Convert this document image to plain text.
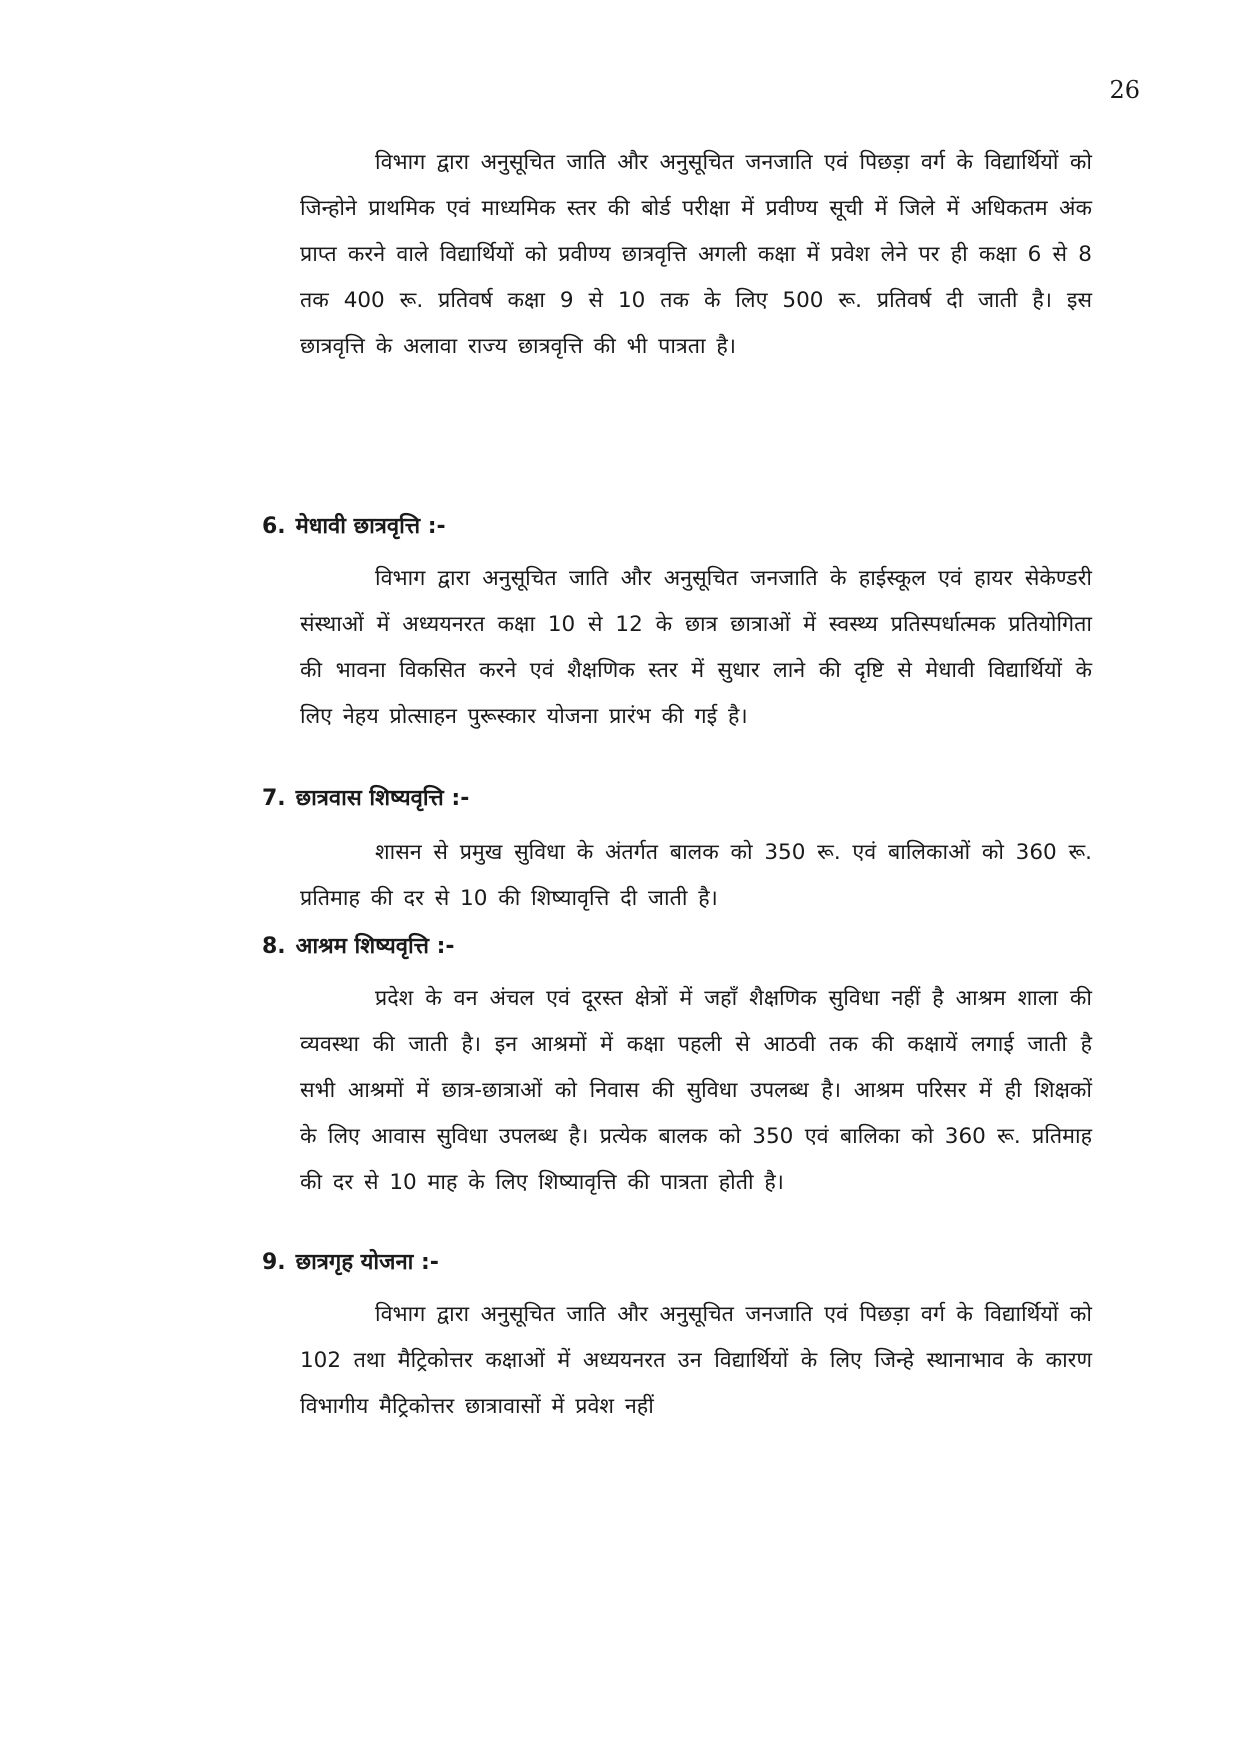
26

विभाग द्वारा अनुसूचित जाति और अनुसूचित जनजाति एवं पिछड़ा वर्ग के विद्यार्थियों को जिन्होने प्राथमिक एवं माध्यमिक स्तर की बोर्ड परीक्षा में प्रवीण्य सूची में जिले में अधिकतम अंक प्राप्त करने वाले विद्यार्थियों को प्रवीण्य छात्रवृत्ति अगली कक्षा में प्रवेश लेने पर ही कक्षा 6 से 8 तक 400 रू. प्रतिवर्ष कक्षा 9 से 10 तक के लिए 500 रू. प्रतिवर्ष दी जाती है। इस छात्रवृत्ति के अलावा राज्य छात्रवृत्ति की भी पात्रता है।

6. मेधावी छात्रवृत्ति :-

विभाग द्वारा अनुसूचित जाति और अनुसूचित जनजाति के हाईस्कूल एवं हायर सेकेण्डरी संस्थाओं में अध्ययनरत कक्षा 10 से 12 के छात्र छात्राओं में स्वस्थ्य प्रतिस्पर्धात्मक प्रतियोगिता की भावना विकसित करने एवं शैक्षणिक स्तर में सुधार लाने की दृष्टि से मेधावी विद्यार्थियों के लिए नेहय प्रोत्साहन पुरूस्कार योजना प्रारंभ की गई है।

7. छात्रवास शिष्यवृत्ति :-

शासन से प्रमुख सुविधा के अंतर्गत बालक को 350 रू. एवं बालिकाओं को 360 रू. प्रतिमाह की दर से 10 की शिष्यावृत्ति दी जाती है।

8. आश्रम शिष्यवृत्ति :-

प्रदेश के वन अंचल एवं दूरस्त क्षेत्रों में जहाँ शैक्षणिक सुविधा नहीं है आश्रम शाला की व्यवस्था की जाती है। इन आश्रमों में कक्षा पहली से आठवी तक की कक्षायें लगाई जाती है सभी आश्रमों में छात्र-छात्राओं को निवास की सुविधा उपलब्ध है। आश्रम परिसर में ही शिक्षकों के लिए आवास सुविधा उपलब्ध है। प्रत्येक बालक को 350 एवं बालिका को 360 रू. प्रतिमाह की दर से 10 माह के लिए शिष्यावृत्ति की पात्रता होती है।

9. छात्रगृह योजना :-

विभाग द्वारा अनुसूचित जाति और अनुसूचित जनजाति एवं पिछड़ा वर्ग के विद्यार्थियों को 102 तथा मैट्रिकोत्तर कक्षाओं में अध्ययनरत उन विद्यार्थियों के लिए जिन्हे स्थानाभाव के कारण विभागीय मैट्रिकोत्तर छात्रावासों में प्रवेश नहीं
